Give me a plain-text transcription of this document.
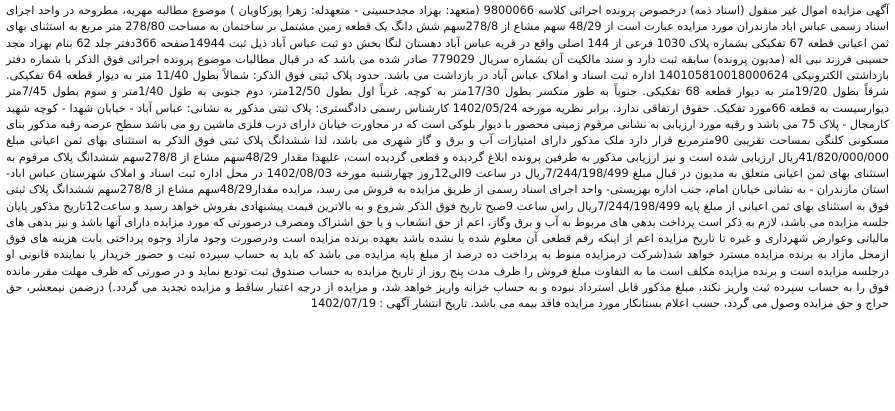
آگهی مزایده اموال غیر منقول (اسناد ذمه) درخصوص پرونده اجرائی کلاسه 9800066 (متعهد: بهزاد مجدحسینی - متعهدله: زهرا پورکاویان ) موضوع مطالبه مهریه، مطروحه در واحد اجرای اسناد رسمی عباس اباد مازندران مورد مزایده عبارت است از 48/29 سهم مشاع از 278/8سهم شش دانگ یک قطعه زمین مشتمل بر ساختمان به مساحت 278/80 متر مربع به استثنای بهای ثمن اعیانی قطعه 67 تفکیکی بشماره پلاک 1030 فرعی از 144 اصلی واقع در قریه عباس آباد دهستان لنگا بخش دو ثبت عباس آباد ذیل ثبت 14944صفحه 366دفتر جلد 62 بنام بهزاد مجد حسینی فرزند نبی اله (مدیون پرونده) سابقه ثبت دارد و سند مالکیت آن بشماره سریال 779029 صادر شده می باشد که در قبال مطالبات موضوع پرونده اجرائی فوق الذکر با شماره دفتر بازداشتی الکترونیکی 140105810018000624 اداره ثبت اسناد و املاک عباس آباد در بازداشت می باشد. حدود پلاک ثبتی فوق الذکر: شمالاً بطول 11/40 متر به دیوار قطعه 64 تفکیکی. شرقاً بطول 19/20متر به دیوار قطعه 68 تفکیکی. جنوباً به طور منکسر بطول 17/30متر به کوچه. غرباً اول بطول 12/50متر، دوم جنوبی به طول 1/40متر و سوم بطول 7/45متر دیوارسیست به قطعه 66مورد تفکیک. حقوق ارتفاقی ندارد. برابر نظریه مورخه 1402/05/24 کارشناس رسمی دادگستری: پلاک ثبتی مذکور به نشانی: عباس آباد - خیابان شهدا - کوچه شهید کارمجال - پلاک 75 می باشد و رقبه مورد ارزیابی به نشانی مرقوم زمینی محصور با دیوار بلوکی است که در مجاورت خیابان دارای درب فلزی ماشین رو می باشد سطح عرصه رقبه مذکور بنای مسکونی کلنگی بمساحت تقریبی 90مترمربع قرار دارد ملک مذکور دارای امتیازات آب و برق و گاز شهری می باشد، لذا ششدانگ پلاک ثبتی فوق الذکر به استثنای بهای ثمن اعیانی مبلغ 41/820/000/000ریال ارزیابی شده است و نیز ارزیابی مذکور به طرفین پرونده ابلاغ گردیده و قطعی گردیده است، علیهذا مقدار 48/29سهم مشاع از 278/8سهم ششدانگ پلاک مرقوم به استثنای بهای ثمن اعیانی متعلق به مدیون در قبال مبلغ 7/244/198/499ریال در ساعت 9الی12روز چهارشنبه مورخه 1402/08/03 در محل اداره ثبت اسناد و املاک شهرستان عباس اباد- استان مازندران - به نشانی خیابان امام، جنب اداره بهزیستی- واحد اجرای اسناد رسمی از طریق مزایده به فروش می رسد، مزایده مقدار48/29سهم مشاع از 278/8سهم ششدانگ پلاک ثبتی فوق به استثنای بهای ثمن اعیانی از مبلغ پایه 7/244/198/499ریال راس ساعت 9صبح تاریخ فوق الذکر شروع و به بالاترین قیمت پیشنهادی بفروش خواهد رسید و ساعت12تاریخ مذکور پایان جلسه مزایده می باشد، لازم به ذکر است پرداخت بدهی های مربوط به آب و برق وگاز، اعم از حق انشعاب و یا حق اشتراک ومصرف درصورتی که مورد مزایده دارای آنها باشد و نیز بدهی های مالیاتی وعوارض شهرداری و غیره تا تاریخ مزایده اعم از اینکه رقم قطعی آن معلوم شده یا نشده باشد بعهده برنده مزایده است ودرصورت وجود مازاد وجوه پرداختی بابت هزینه های فوق ازمحل مازاد به برنده مزایده مسترد خواهد شد(شرکت درمزایده منوط به پرداخت ده درصد از مبلغ پایه مزایده می باشد که باید به حساب سپرده ثبت و حضور خریدار یا نماینده قانونی او درجلسه مزایده است و برنده مزایده مکلف است ما به التفاوت مبلغ فروش را ظرف مدت پنج روز از تاریخ مزایده به حساب صندوق ثبت تودیع نماید و در صورتی که ظرف مهلت مقرر مانده فوق را به حساب سپرده ثبت واریز نکند، مبلغ مذکور قابل استرداد نبوده و به حساب خزانه واریز خواهد شد، و مزایده از درجه اعتبار ساقط و مزایده تجدید می گردد.) درضمن نیمعشر، حق حراج و حق مزایده وصول می گردد، حسب اعلام بستانکار مورد مزایده فاقد بیمه می باشد. تاریخ انتشار آگهی : 1402/07/19
